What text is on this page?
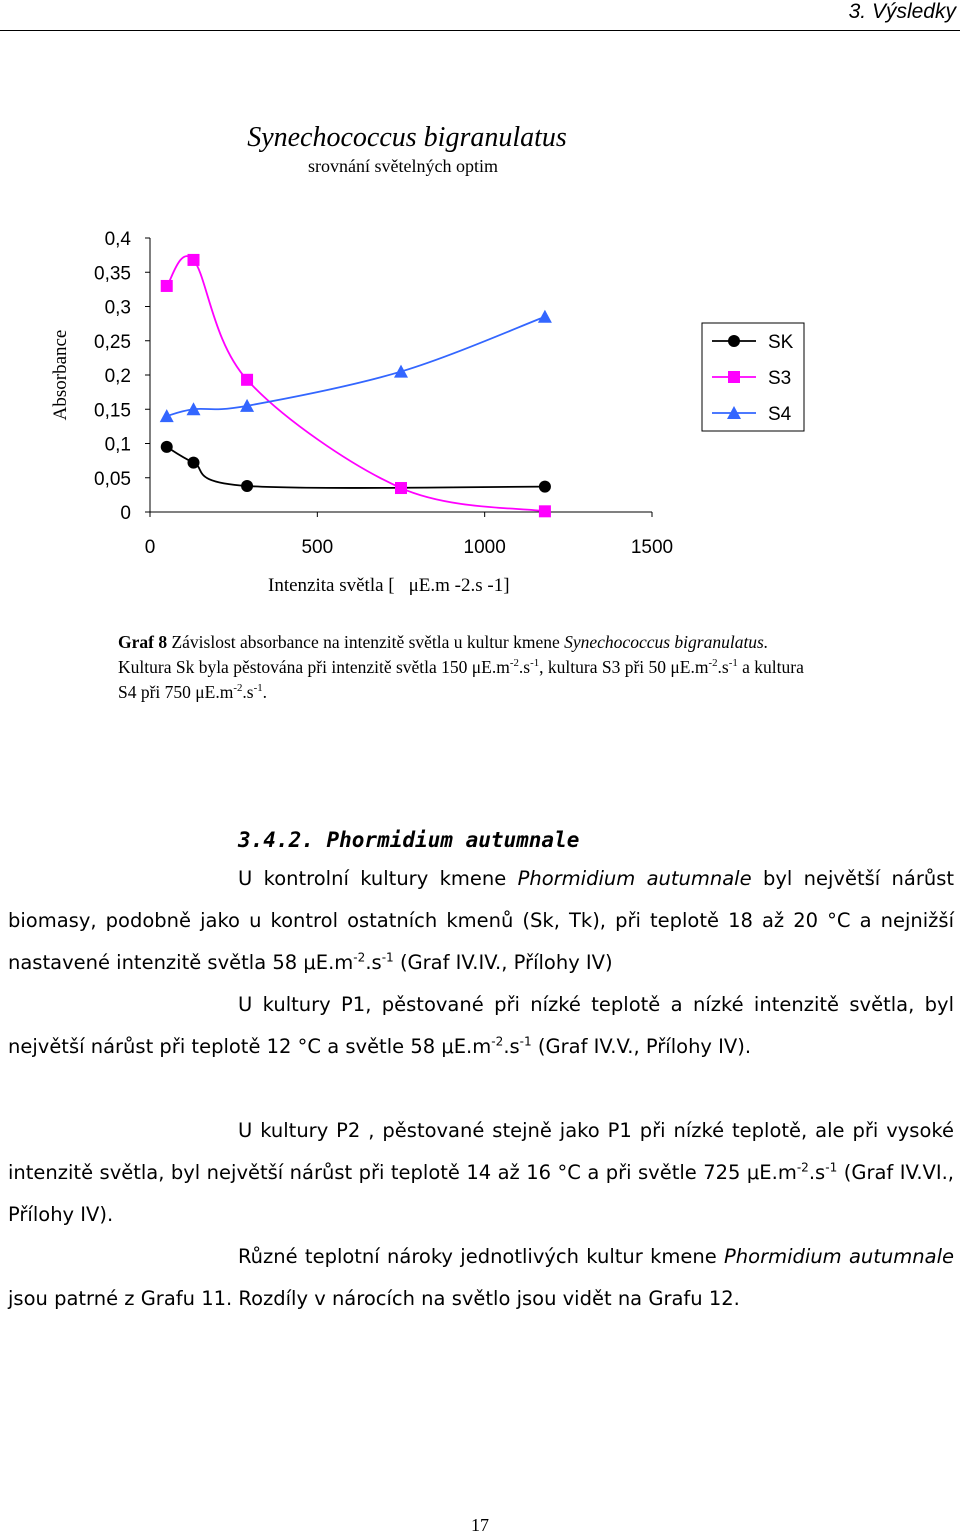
3. Výsledky
Synechococcus bigranulatus
srovnání světelných optim
Absorbance
0
0,05
0,1
0,15
0,2
0,25
0,3
0,35
0,4
0	500	1000	1500
Intenzita světla [ μE.m -2.s -1]
SK
S3
S4
Graf 8 Závislost absorbance na intenzitě světla u kultur kmene Synechococcus bigranulatus. Kultura Sk byla pěstována při intenzitě světla 150 $\mu E.m^{-2}.s^{-1}$, kultura S3 při 50 $\mu E.m^{-2}.s^{-1}$ a kultura S4 při 750 $\mu E.m^{-2}.s^{-1}$.
3.4.2. Phormidium autumnale
U kontrolní kultury kmene Phormidium autumnale byl největší nárůst biomasy, podobně jako u kontrol ostatních kmenů (Sk, Tk), při teplotě 18 až 20 °C a nejnižší nastavené intenzitě světla 58 $\mu E.m^{-2}.s^{-1}$ (Graf IV.IV., Přílohy IV)
U kultury P1, pěstované při nízké teplotě a nízké intenzitě světla, byl největší nárůst při teplotě 12 °C a světle 58 $\mu E.m^{-2}.s^{-1}$ (Graf IV.V., Přílohy IV).
U kultury P2 , pěstované stejně jako P1 při nízké teplotě, ale při vysoké intenzitě světla, byl největší nárůst při teplotě 14 až 16 °C a při světle 725 $\mu E.m^{-2}.s^{-1}$ (Graf IV.VI., Přílohy IV).
Různé teplotní nároky jednotlivých kultur kmene Phormidium autumnale jsou patrné z Grafu 11. Rozdíly v nárocích na světlo jsou vidět na Grafu 12.
17
